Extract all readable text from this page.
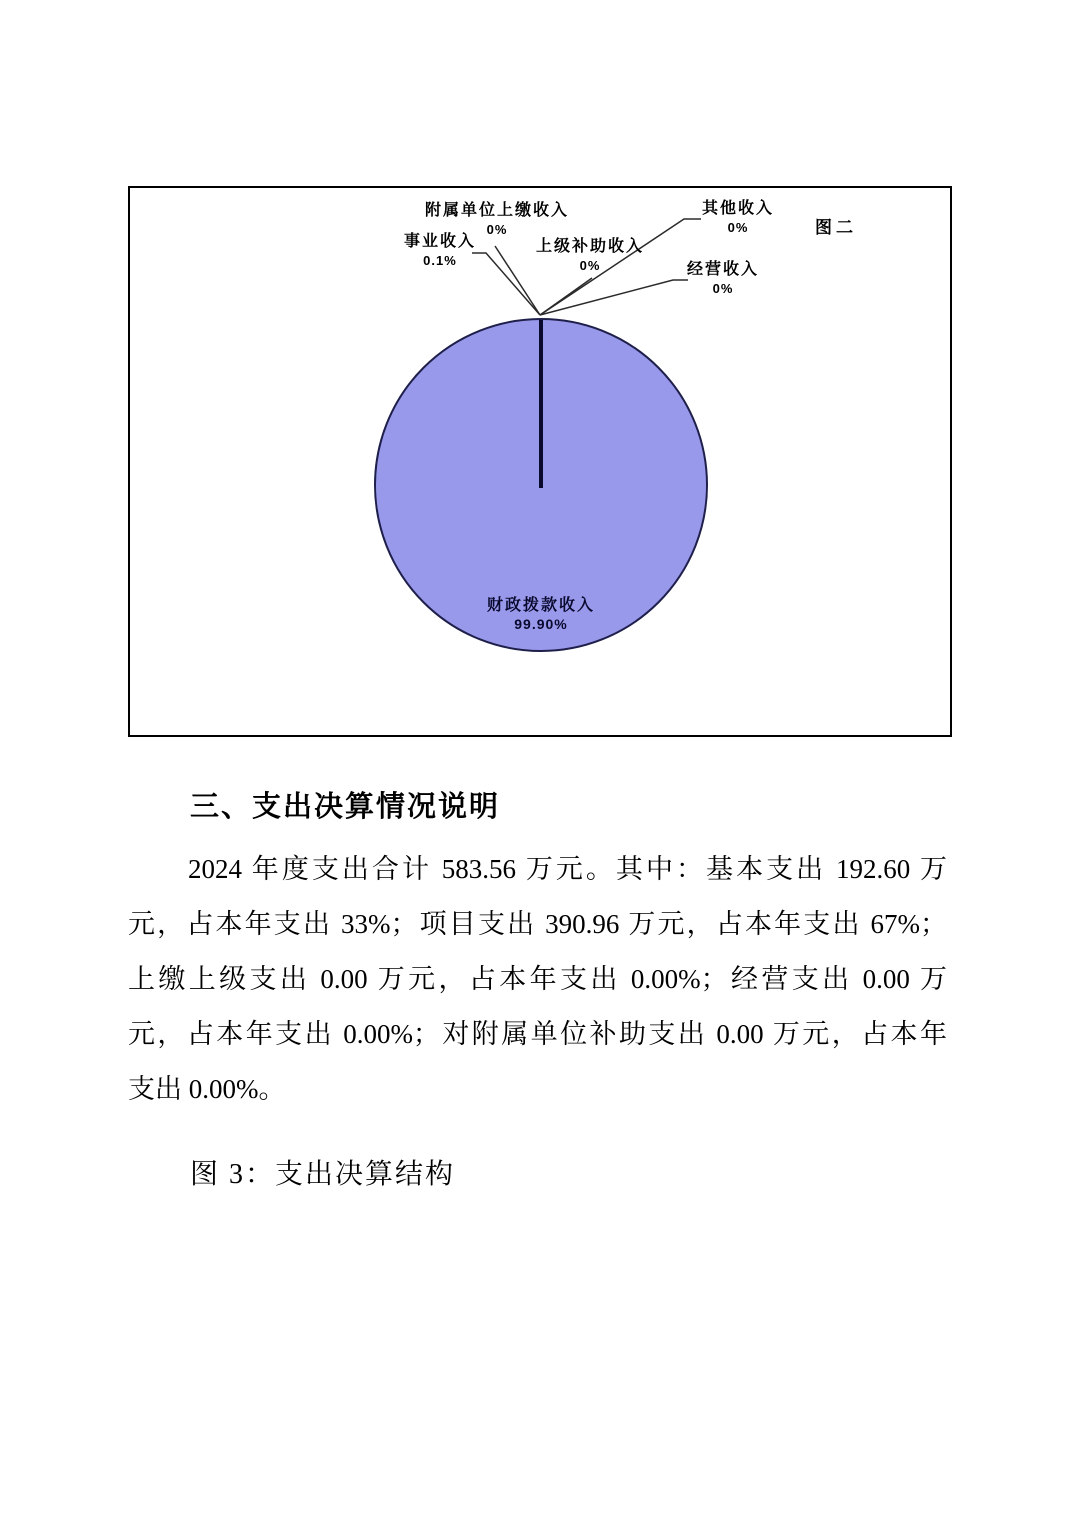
附属单位上缴收入
0%
事业收入
0.1%
上级补助收入
0%
其他收入
0%
经营收入
0%
财政拨款收入
99.90%
图二
三、支出决算情况说明
2024 年度支出合计 583.56 万元。其中：基本支出 192.60 万
元，占本年支出 33%；项目支出 390.96 万元，占本年支出 67%；
上缴上级支出 0.00 万元，占本年支出 0.00%；经营支出 0.00 万
元，占本年支出 0.00%；对附属单位补助支出 0.00 万元，占本年
支出 0.00%。
图 3：支出决算结构
